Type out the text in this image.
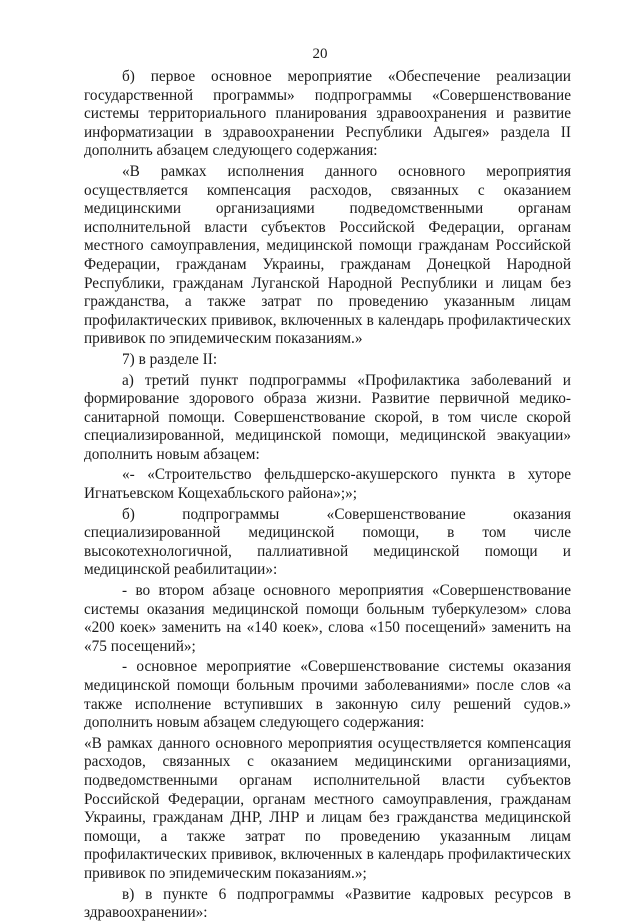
20

б) первое основное мероприятие «Обеспечение реализации государственной программы» подпрограммы «Совершенствование системы территориального планирования здравоохранения и развитие информатизации в здравоохранении Республики Адыгея» раздела II дополнить абзацем следующего содержания:

«В рамках исполнения данного основного мероприятия осуществляется компенсация расходов, связанных с оказанием медицинскими организациями подведомственными органам исполнительной власти субъектов Российской Федерации, органам местного самоуправления, медицинской помощи гражданам Российской Федерации, гражданам Украины, гражданам Донецкой Народной Республики, гражданам Луганской Народной Республики и лицам без гражданства, а также затрат по проведению указанным лицам профилактических прививок, включенных в календарь профилактических прививок по эпидемическим показаниям.»

7) в разделе II:

а) третий пункт подпрограммы «Профилактика заболеваний и формирование здорового образа жизни. Развитие первичной медико-санитарной помощи. Совершенствование скорой, в том числе скорой специализированной, медицинской помощи, медицинской эвакуации» дополнить новым абзацем:

«- «Строительство фельдшерско-акушерского пункта в хуторе Игнатьевском Кощехабльского района»;»;

б) подпрограммы «Совершенствование оказания специализированной медицинской помощи, в том числе высокотехнологичной, паллиативной медицинской помощи и медицинской реабилитации»:

- во втором абзаце основного мероприятия «Совершенствование системы оказания медицинской помощи больным туберкулезом» слова «200 коек» заменить на «140 коек», слова «150 посещений» заменить на «75 посещений»;

- основное мероприятие «Совершенствование системы оказания медицинской помощи больным прочими заболеваниями» после слов «а также исполнение вступивших в законную силу решений судов.» дополнить новым абзацем следующего содержания:

«В рамках данного основного мероприятия осуществляется компенсация расходов, связанных с оказанием медицинскими организациями, подведомственными органам исполнительной власти субъектов Российской Федерации, органам местного самоуправления, гражданам Украины, гражданам ДНР, ЛНР и лицам без гражданства медицинской помощи, а также затрат по проведению указанным лицам профилактических прививок, включенных в календарь профилактических прививок по эпидемическим показаниям.»;

в) в пункте 6 подпрограммы «Развитие кадровых ресурсов в здравоохранении»:
